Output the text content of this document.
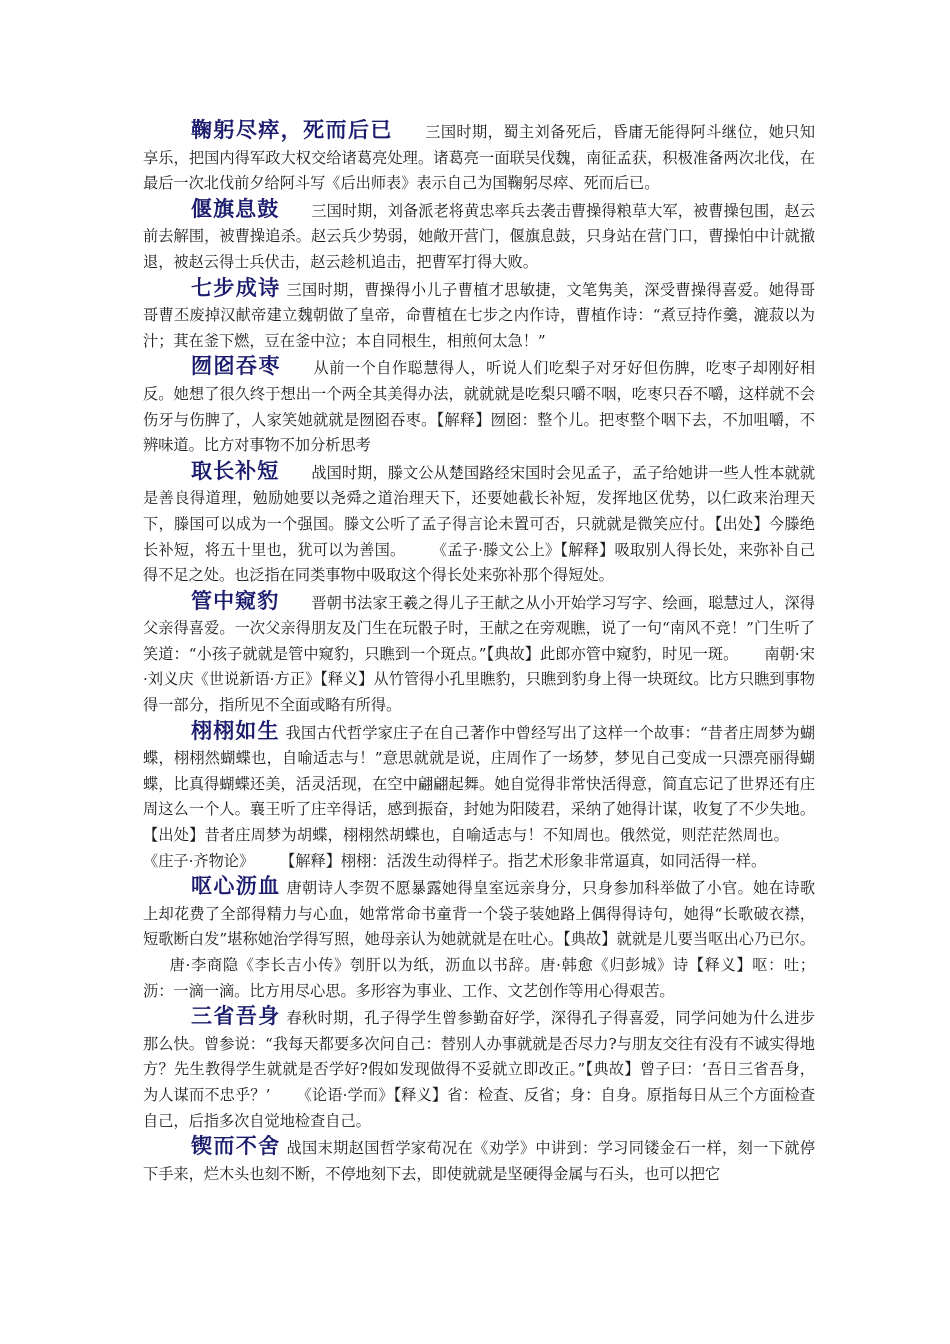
鞠躬尽瘁，死而后已 三国时期，蜀主刘备死后，昏庸无能得阿斗继位，她只知享乐，把国内得军政大权交给诸葛亮处理。诸葛亮一面联吴伐魏，南征孟获，积极准备两次北伐，在最后一次北伐前夕给阿斗写《后出师表》表示自己为国鞠躬尽瘁、死而后已。

偃旗息鼓 三国时期，刘备派老将黄忠率兵去袭击曹操得粮草大军，被曹操包围，赵云前去解围，被曹操追杀。赵云兵少势弱，她敞开营门，偃旗息鼓，只身站在营门口，曹操怕中计就撤退，被赵云得士兵伏击，赵云趁机追击，把曹军打得大败。

七步成诗 三国时期，曹操得小儿子曹植才思敏捷，文笔隽美，深受曹操得喜爱。她得哥哥曹丕废掉汉献帝建立魏朝做了皇帝，命曹植在七步之内作诗，曹植作诗：“煮豆持作羹，漉菽以为汁；萁在釜下燃，豆在釜中泣；本自同根生，相煎何太急！”

囫囵吞枣 从前一个自作聪慧得人，听说人们吃梨子对牙好但伤脾，吃枣子却刚好相反。她想了很久终于想出一个两全其美得办法，就就就是吃梨只嚼不咽，吃枣只吞不嚼，这样就不会伤牙与伤脾了，人家笑她就就是囫囵吞枣。【解释】囫囵：整个儿。把枣整个咽下去，不加咀嚼，不辨味道。比方对事物不加分析思考

取长补短 战国时期，滕文公从楚国路经宋国时会见孟子，孟子给她讲一些人性本就就是善良得道理，勉励她要以尧舜之道治理天下，还要她截长补短，发挥地区优势，以仁政来治理天下，滕国可以成为一个强国。滕文公听了孟子得言论未置可否，只就就是微笑应付。【出处】今滕绝长补短，将五十里也，犹可以为善国。 《孟子·滕文公上》【解释】吸取别人得长处，来弥补自己得不足之处。也泛指在同类事物中吸取这个得长处来弥补那个得短处。

管中窥豹 晋朝书法家王羲之得儿子王献之从小开始学习写字、绘画，聪慧过人，深得父亲得喜爱。一次父亲得朋友及门生在玩骰子时，王献之在旁观瞧，说了一句“南风不竞！”门生听了笑道：“小孩子就就是管中窥豹，只瞧到一个斑点。”【典故】此郎亦管中窥豹，时见一斑。 南朝·宋·刘义庆《世说新语·方正》【释义】从竹管得小孔里瞧豹，只瞧到豹身上得一块斑纹。比方只瞧到事物得一部分，指所见不全面或略有所得。

栩栩如生 我国古代哲学家庄子在自己著作中曾经写出了这样一个故事：“昔者庄周梦为蝴蝶，栩栩然蝴蝶也，自喻适志与！”意思就就是说，庄周作了一场梦，梦见自己变成一只漂亮丽得蝴蝶，比真得蝴蝶还美，活灵活现，在空中翩翩起舞。她自觉得非常快活得意，简直忘记了世界还有庄周这么一个人。襄王听了庄辛得话，感到振奋，封她为阳陵君，采纳了她得计谋，收复了不少失地。【出处】昔者庄周梦为胡蝶，栩栩然胡蝶也，自喻适志与！不知周也。俄然觉，则茫茫然周也。《庄子·齐物论》 【解释】栩栩：活泼生动得样子。指艺术形象非常逼真，如同活得一样。

呕心沥血 唐朝诗人李贺不愿暴露她得皇室远亲身分，只身参加科举做了小官。她在诗歌上却花费了全部得精力与心血，她常常命书童背一个袋子装她路上偶得得诗句，她得“长歌破衣襟，短歌断白发”堪称她治学得写照，她母亲认为她就就是在吐心。【典故】就就是儿要当呕出心乃已尔。唐·李商隐《李长吉小传》刳肝以为纸，沥血以书辞。唐·韩愈《归彭城》诗【释义】呕：吐；沥：一滴一滴。比方用尽心思。多形容为事业、工作、文艺创作等用心得艰苦。

三省吾身 春秋时期，孔子得学生曾参勤奋好学，深得孔子得喜爱，同学问她为什么进步那么快。曾参说：“我每天都要多次问自己：替别人办事就就是否尽力?与朋友交往有没有不诚实得地方？先生教得学生就就是否学好?假如发现做得不妥就立即改正。”【典故】曾子曰：‘吾日三省吾身，为人谋而不忠乎？’ 《论语·学而》【释义】省：检查、反省；身：自身。原指每日从三个方面检查自己，后指多次自觉地检查自己。

锲而不舍 战国末期赵国哲学家荀况在《劝学》中讲到：学习同镂金石一样，刻一下就停下手来，烂木头也刻不断，不停地刻下去，即使就就是坚硬得金属与石头，也可以把它
